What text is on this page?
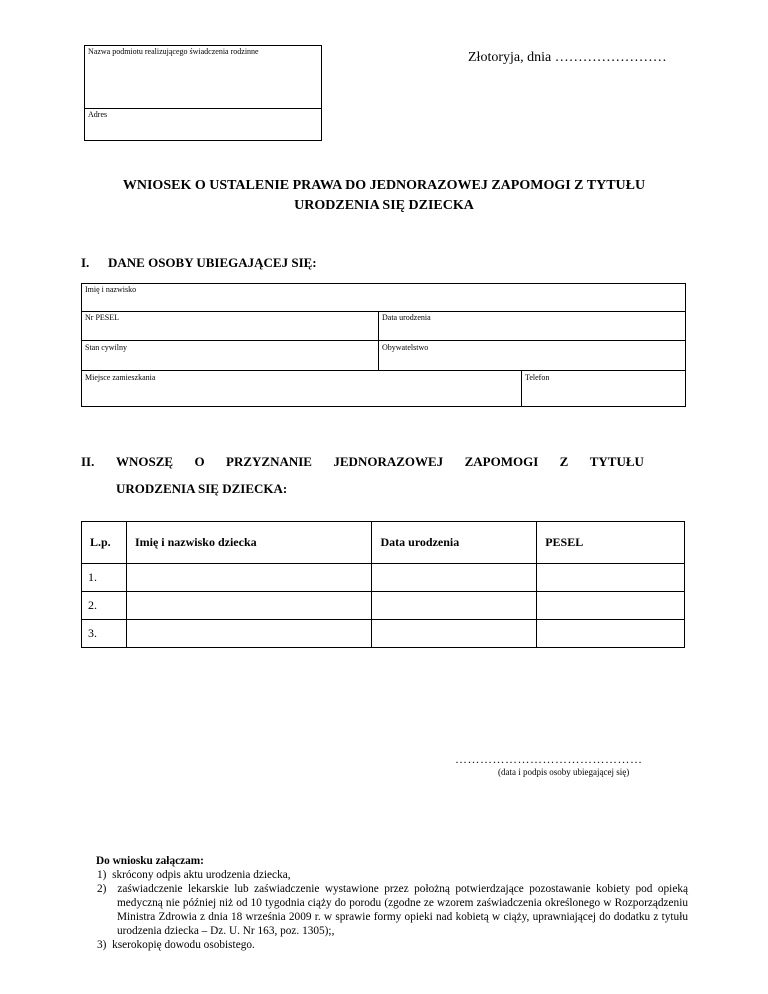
Nazwa podmiotu realizującego świadczenia rodzinne
Adres
Złotoryja, dnia ……………………
WNIOSEK O USTALENIE PRAWA DO JEDNORAZOWEJ ZAPOMOGI Z TYTUŁU
URODZENIA SIĘ DZIECKA
I. DANE OSOBY UBIEGAJĄCEJ SIĘ:
Imię i nazwisko
Nr PESEL	Data urodzenia
Stan cywilny	Obywatelstwo
Miejsce zamieszkania	Telefon
II. WNOSZĘ O PRZYZNANIE JEDNORAZOWEJ ZAPOMOGI Z TYTUŁU
URODZENIA SIĘ DZIECKA:
L.p.	Imię i nazwisko dziecka	Data urodzenia	PESEL
1.			
2.			
3.			
………………………………………
(data i podpis osoby ubiegającej się)
Do wniosku załączam:
1)  skrócony odpis aktu urodzenia dziecka,
2)  zaświadczenie lekarskie lub zaświadczenie wystawione przez położną potwierdzające pozostawanie kobiety pod opieką medyczną nie później niż od 10 tygodnia ciąży do porodu (zgodne ze wzorem zaświadczenia określonego w Rozporządzeniu Ministra Zdrowia z dnia 18 września 2009 r. w sprawie formy opieki nad kobietą w ciąży, uprawniającej do dodatku z tytułu urodzenia dziecka – Dz. U. Nr 163, poz. 1305);,
3)  kserokopię dowodu osobistego.
